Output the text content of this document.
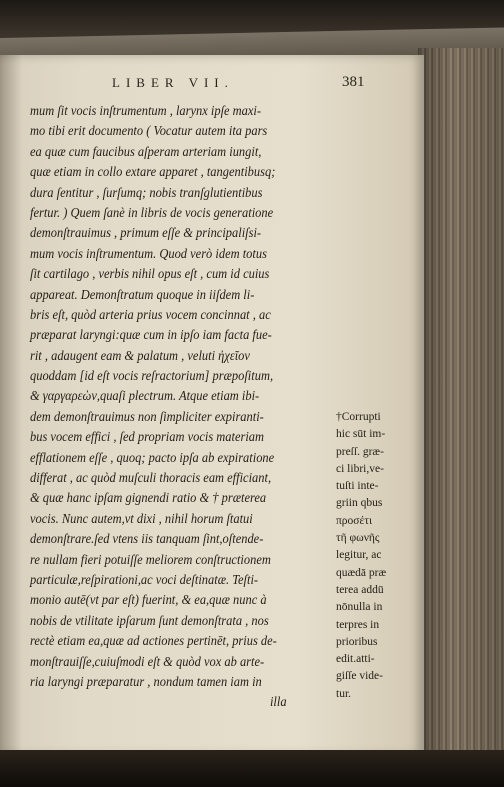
LIBER VII.	381
mum ſit vocis inſtrumentum , larynx ipſe maxi-
mo tibi erit documento ( Vocatur autem ita pars
ea quæ cum faucibus aſperam arteriam iungit,
quæ etiam in collo extare apparet , tangentibusq;
dura ſentitur , ſurſumq; nobis tranſglutientibus
fertur. ) Quem ſanè in libris de vocis generatione
demonſtrauimus , primum eſſe & principaliſsi-
mum vocis inſtrumentum. Quod verò idem totus
ſit cartilago , verbis nihil opus eſt , cum id cuius
appareat. Demonſtratum quoque in iiſdem li-
bris eſt, quòd arteria prius vocem concinnat , ac
præparat laryngi:quæ cum in ipſo iam facta fue-
rit , adaugent eam & palatum , veluti ἠχεῖον
quoddam [id eſt vocis reſractorium] præpoſitum,
& γαργαρεὼν,quaſi plectrum. Atque etiam ibi-
dem demonſtrauimus non ſimpliciter expiranti-
bus vocem effici , ſed propriam vocis materiam
efflationem eſſe , quoq; pacto ipſa ab expiratione
differat , ac quòd muſculi thoracis eam efficiant,
& quæ hanc ipſam gignendi ratio & † præterea
vocis. Nunc autem,vt dixi , nihil horum ſtatui
demonſtrare.ſed vtens iis tanquam ſint,oſtende-
re nullam fieri potuiſſe meliorem conſtructionem
particulæ,reſpirationi,ac voci deſtinatæ. Teſti-
monio autē(vt par eſt) fuerint, & ea,quæ nunc à
nobis de vtilitate ipſarum ſunt demonſtrata , nos
rectè etiam ea,quæ ad actiones pertinēt, prius de-
monſtrauiſſe,cuiuſmodi eſt & quòd vox ab arte-
ria laryngi præparatur , nondum tamen iam in
illa
†Corrupti
hic sūt im-
preſſ. græ-
ci libri,ve-
tuſti inte-
griin qbus
προσέτι
τῆ φωνῆς
legitur, ac
quædā præ
terea addū
nōnulla in
terpres in
prioribus
edit.atti-
giſſe vide-
tur.
